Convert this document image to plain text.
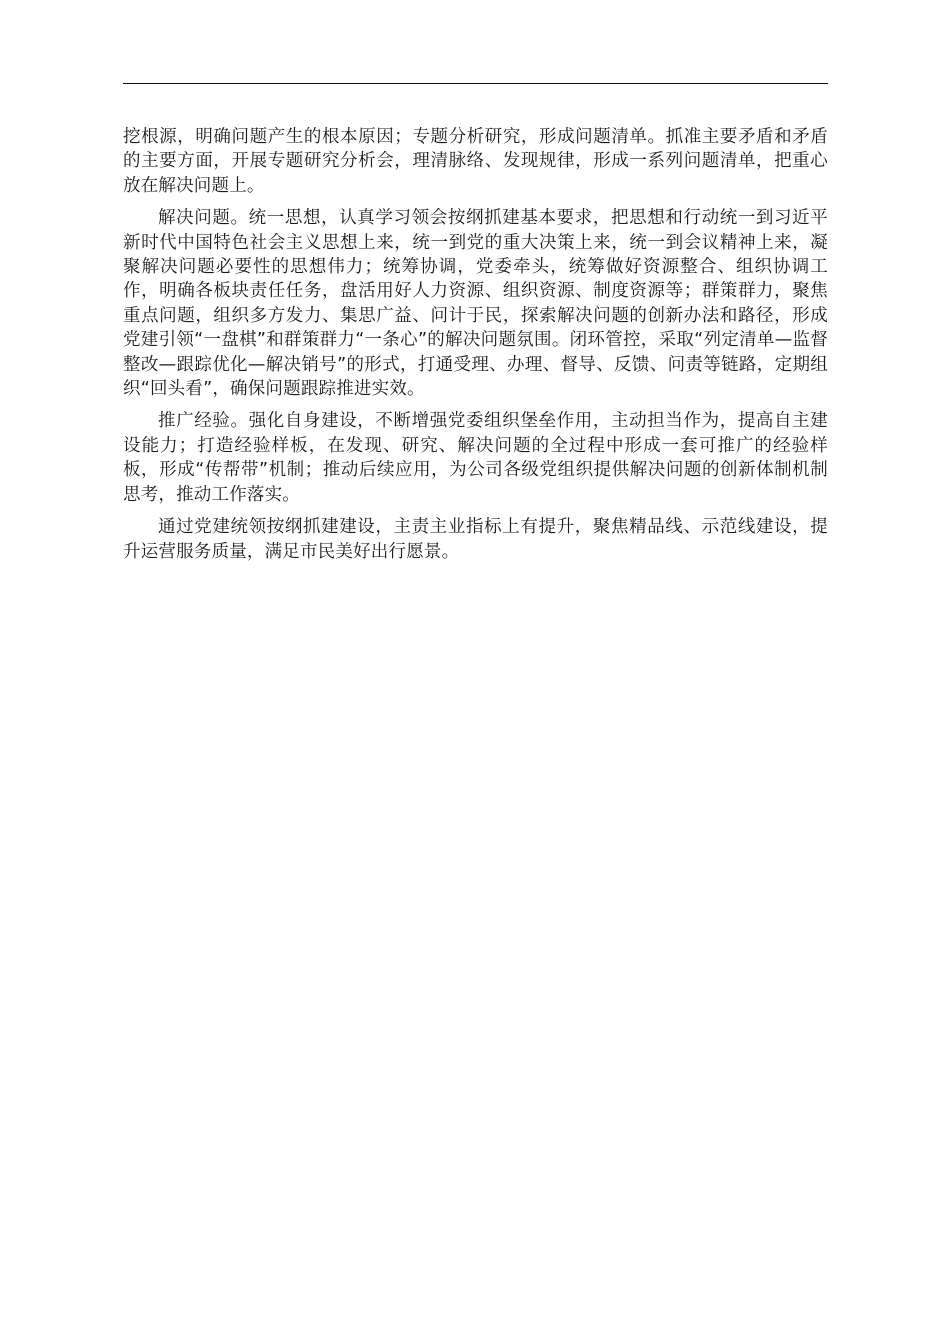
挖根源，明确问题产生的根本原因；专题分析研究，形成问题清单。抓准主要矛盾和矛盾的主要方面，开展专题研究分析会，理清脉络、发现规律，形成一系列问题清单，把重心放在解决问题上。

解决问题。统一思想，认真学习领会按纲抓建基本要求，把思想和行动统一到习近平新时代中国特色社会主义思想上来，统一到党的重大决策上来，统一到会议精神上来，凝聚解决问题必要性的思想伟力；统筹协调，党委牵头，统筹做好资源整合、组织协调工作，明确各板块责任任务，盘活用好人力资源、组织资源、制度资源等；群策群力，聚焦重点问题，组织多方发力、集思广益、问计于民，探索解决问题的创新办法和路径，形成党建引领“一盘棋”和群策群力“一条心”的解决问题氛围。闭环管控，采取“列定清单—监督整改—跟踪优化—解决销号”的形式，打通受理、办理、督导、反馈、问责等链路，定期组织“回头看”，确保问题跟踪推进实效。

推广经验。强化自身建设，不断增强党委组织堡垒作用，主动担当作为，提高自主建设能力；打造经验样板，在发现、研究、解决问题的全过程中形成一套可推广的经验样板，形成“传帮带”机制；推动后续应用，为公司各级党组织提供解决问题的创新体制机制思考，推动工作落实。

通过党建统领按纲抓建建设，主责主业指标上有提升，聚焦精品线、示范线建设，提升运营服务质量，满足市民美好出行愿景。
